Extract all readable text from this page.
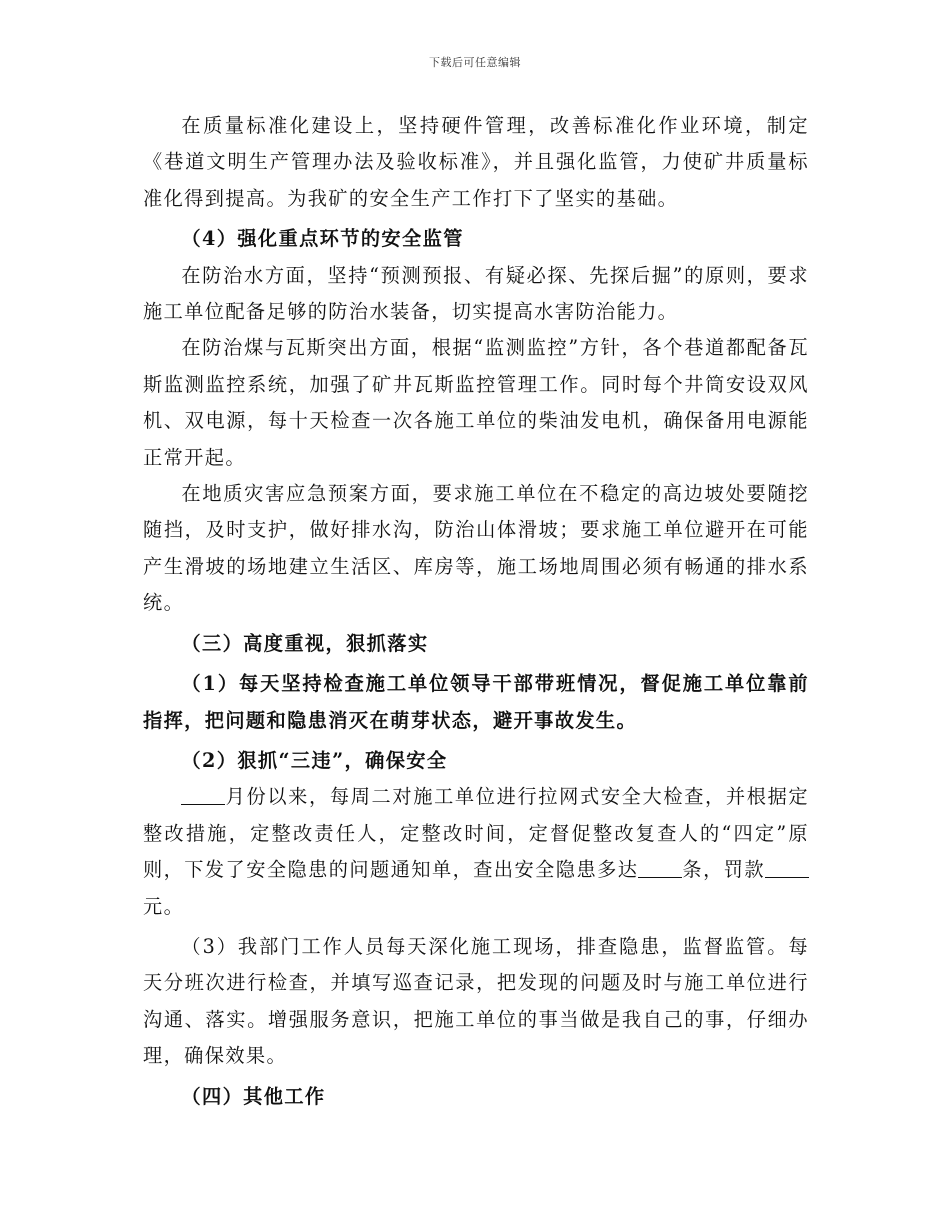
下载后可任意编辑

在质量标准化建设上，坚持硬件管理，改善标准化作业环境，制定《巷道文明生产管理办法及验收标准》，并且强化监管，力使矿井质量标准化得到提高。为我矿的安全生产工作打下了坚实的基础。

（4）强化重点环节的安全监管

在防治水方面，坚持“预测预报、有疑必探、先探后掘”的原则，要求施工单位配备足够的防治水装备，切实提高水害防治能力。

在防治煤与瓦斯突出方面，根据“监测监控”方针，各个巷道都配备瓦斯监测监控系统，加强了矿井瓦斯监控管理工作。同时每个井筒安设双风机、双电源，每十天检查一次各施工单位的柴油发电机，确保备用电源能正常开起。

在地质灾害应急预案方面，要求施工单位在不稳定的高边坡处要随挖随挡，及时支护，做好排水沟，防治山体滑坡；要求施工单位避开在可能产生滑坡的场地建立生活区、库房等，施工场地周围必须有畅通的排水系统。

（三）高度重视，狠抓落实

（1）每天坚持检查施工单位领导干部带班情况，督促施工单位靠前指挥，把问题和隐患消灭在萌芽状态，避开事故发生。

（2）狠抓“三违”，确保安全

月份以来，每周二对施工单位进行拉网式安全大检查，并根据定整改措施，定整改责任人，定整改时间，定督促整改复查人的“四定”原则，下发了安全隐患的问题通知单，查出安全隐患多达 条，罚款元。

（3）我部门工作人员每天深化施工现场，排查隐患，监督监管。每天分班次进行检查，并填写巡查记录，把发现的问题及时与施工单位进行沟通、落实。增强服务意识，把施工单位的事当做是我自己的事，仔细办理，确保效果。

（四）其他工作
